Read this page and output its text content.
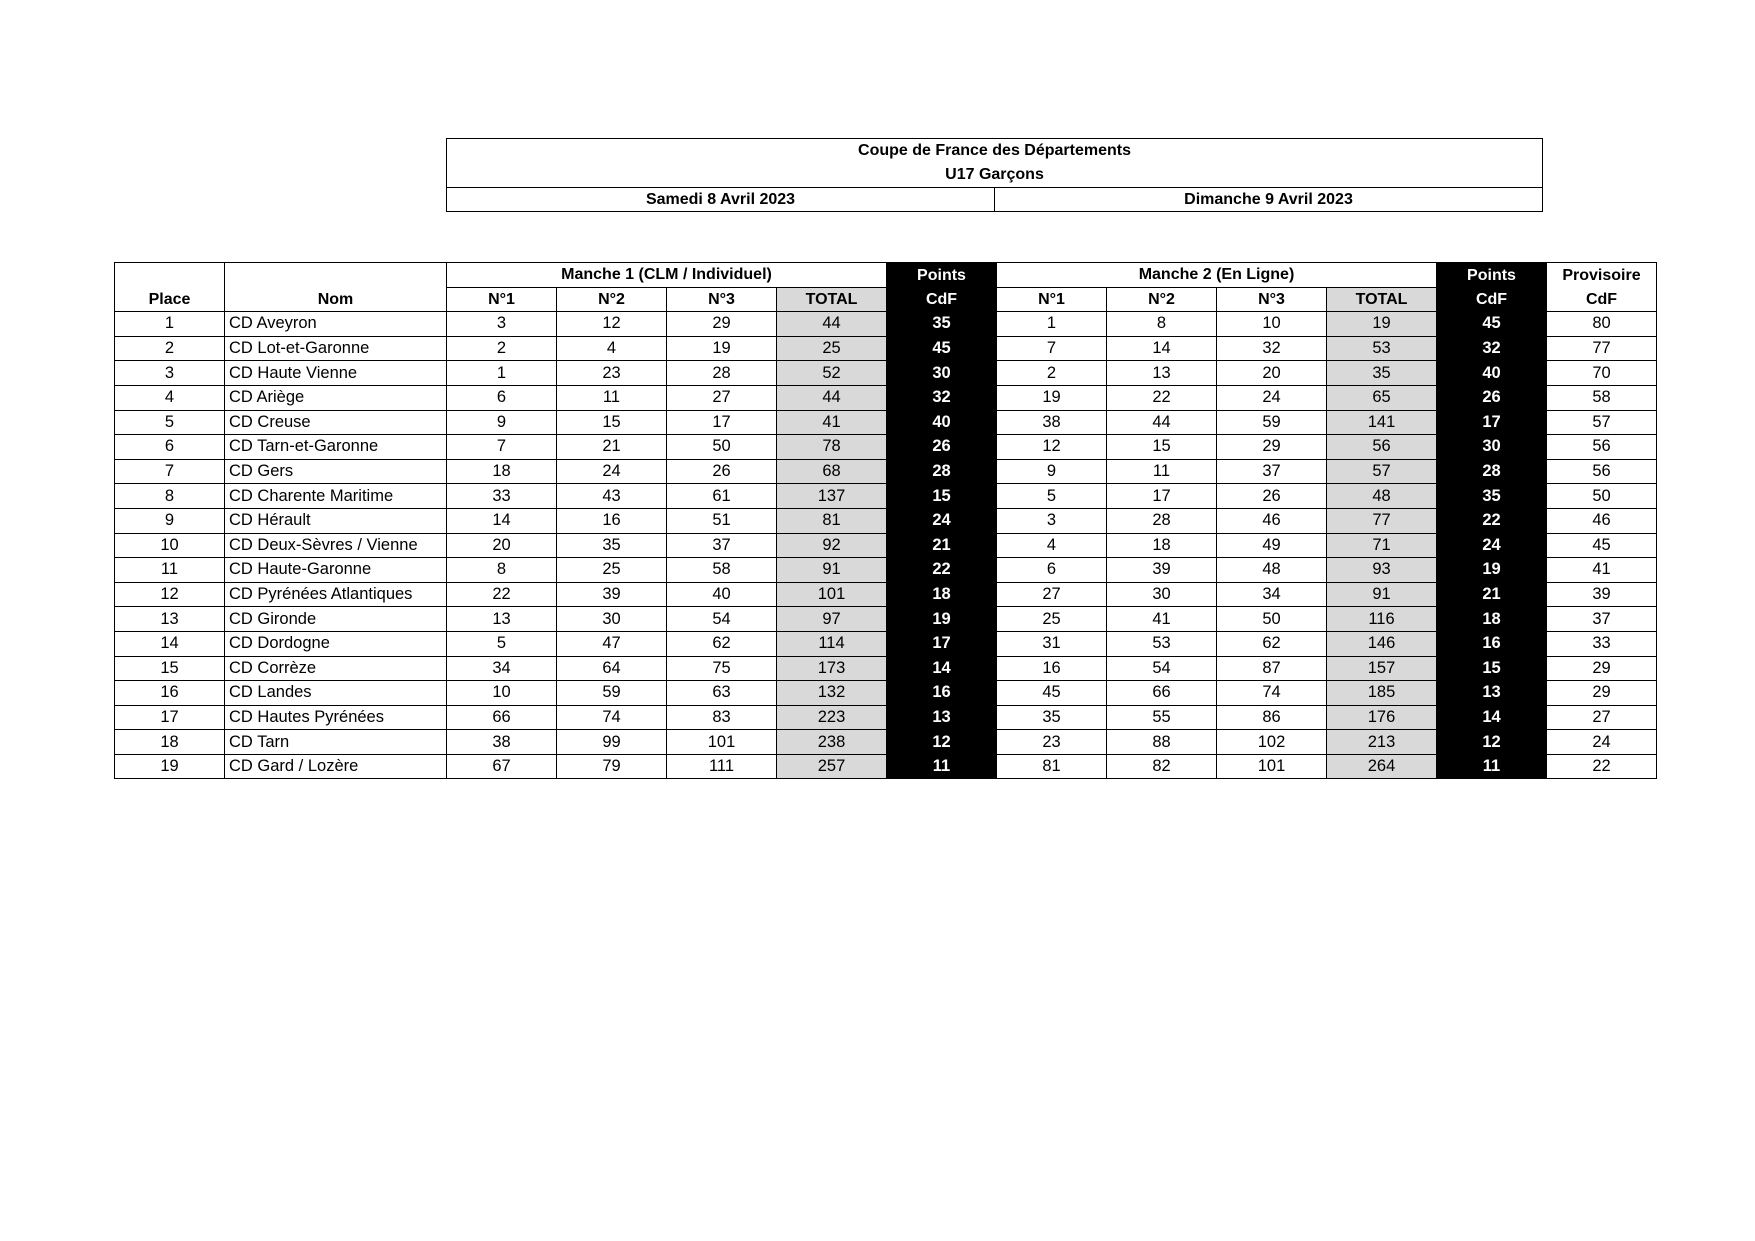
Coupe de France des Départements
U17 Garçons
Samedi 8 Avril 2023	Dimanche 9 Avril 2023
		Manche 1 (CLM / Individuel)				Points	Manche 2 (En Ligne)				Points	Provisoire
Place	Nom	N°1	N°2	N°3	TOTAL	CdF	N°1	N°2	N°3	TOTAL	CdF	CdF
1	CD Aveyron	3	12	29	44	35	1	8	10	19	45	80
2	CD Lot-et-Garonne	2	4	19	25	45	7	14	32	53	32	77
3	CD Haute Vienne	1	23	28	52	30	2	13	20	35	40	70
4	CD Ariège	6	11	27	44	32	19	22	24	65	26	58
5	CD Creuse	9	15	17	41	40	38	44	59	141	17	57
6	CD Tarn-et-Garonne	7	21	50	78	26	12	15	29	56	30	56
7	CD Gers	18	24	26	68	28	9	11	37	57	28	56
8	CD Charente Maritime	33	43	61	137	15	5	17	26	48	35	50
9	CD Hérault	14	16	51	81	24	3	28	46	77	22	46
10	CD Deux-Sèvres / Vienne	20	35	37	92	21	4	18	49	71	24	45
11	CD Haute-Garonne	8	25	58	91	22	6	39	48	93	19	41
12	CD Pyrénées Atlantiques	22	39	40	101	18	27	30	34	91	21	39
13	CD Gironde	13	30	54	97	19	25	41	50	116	18	37
14	CD Dordogne	5	47	62	114	17	31	53	62	146	16	33
15	CD Corrèze	34	64	75	173	14	16	54	87	157	15	29
16	CD Landes	10	59	63	132	16	45	66	74	185	13	29
17	CD Hautes Pyrénées	66	74	83	223	13	35	55	86	176	14	27
18	CD Tarn	38	99	101	238	12	23	88	102	213	12	24
19	CD Gard / Lozère	67	79	111	257	11	81	82	101	264	11	22
